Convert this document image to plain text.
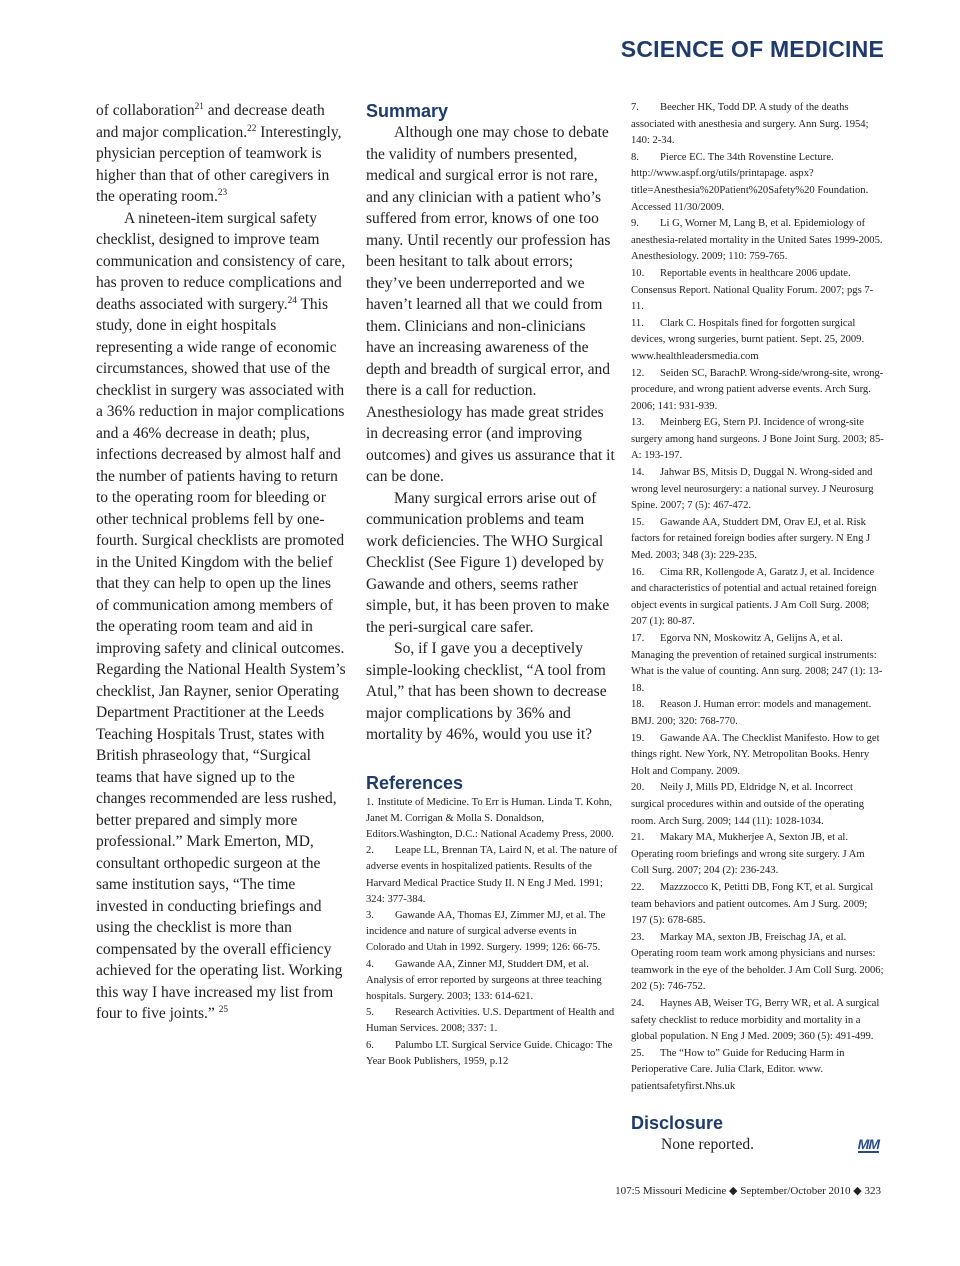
SCIENCE OF MEDICINE

of collaboration$^{21}$ and decrease death and major complication.$^{22}$ Interestingly, physician perception of teamwork is higher than that of other caregivers in the operating room.$^{23}$

A nineteen-item surgical safety checklist, designed to improve team communication and consistency of care, has proven to reduce complications and deaths associated with surgery.$^{24}$ This study, done in eight hospitals representing a wide range of economic circumstances, showed that use of the checklist in surgery was associated with a 36% reduction in major complications and a 46% decrease in death; plus, infections decreased by almost half and the number of patients having to return to the operating room for bleeding or other technical problems fell by one-fourth. Surgical checklists are promoted in the United Kingdom with the belief that they can help to open up the lines of communication among members of the operating room team and aid in improving safety and clinical outcomes. Regarding the National Health System’s checklist, Jan Rayner, senior Operating Department Practitioner at the Leeds Teaching Hospitals Trust, states with British phraseology that, “Surgical teams that have signed up to the changes recommended are less rushed, better prepared and simply more professional.” Mark Emerton, MD, consultant orthopedic surgeon at the same institution says, “The time invested in conducting briefings and using the checklist is more than compensated by the overall efficiency achieved for the operating list. Working this way I have increased my list from four to five joints.” $^{25}$

Summary

Although one may chose to debate the validity of numbers presented, medical and surgical error is not rare, and any clinician with a patient who’s suffered from error, knows of one too many. Until recently our profession has been hesitant to talk about errors; they’ve been underreported and we haven’t learned all that we could from them. Clinicians and non-clinicians have an increasing awareness of the depth and breadth of surgical error, and there is a call for reduction. Anesthesiology has made great strides in decreasing error (and improving outcomes) and gives us assurance that it can be done.

Many surgical errors arise out of communication problems and team work deficiencies. The WHO Surgical Checklist (See Figure 1) developed by Gawande and others, seems rather simple, but, it has been proven to make the peri-surgical care safer.

So, if I gave you a deceptively simple-looking checklist, “A tool from Atul,” that has been shown to decrease major complications by 36% and mortality by 46%, would you use it?

References

1. Institute of Medicine. To Err is Human. Linda T. Kohn, Janet M. Corrigan & Molla S. Donaldson, Editors.Washington, D.C.: National Academy Press, 2000.

2. Leape LL, Brennan TA, Laird N, et al. The nature of adverse events in hospitalized patients. Results of the Harvard Medical Practice Study II. N Eng J Med. 1991; 324: 377-384.

3. Gawande AA, Thomas EJ, Zimmer MJ, et al. The incidence and nature of surgical adverse events in Colorado and Utah in 1992. Surgery. 1999; 126: 66-75.

4. Gawande AA, Zinner MJ, Studdert DM, et al. Analysis of error reported by surgeons at three teaching hospitals. Surgery. 2003; 133: 614-621.

5. Research Activities. U.S. Department of Health and Human Services. 2008; 337: 1.

6. Palumbo LT. Surgical Service Guide. Chicago: The Year Book Publishers, 1959, p.12

7. Beecher HK, Todd DP. A study of the deaths associated with anesthesia and surgery. Ann Surg. 1954; 140: 2-34.

8. Pierce EC. The 34th Rovenstine Lecture. http://www.aspf.org/utils/printapage. aspx?title=Anesthesia%20Patient%20Safety%20 Foundation. Accessed 11/30/2009.

9. Li G, Worner M, Lang B, et al. Epidemiology of anesthesia-related mortality in the United Sates 1999-2005. Anesthesiology. 2009; 110: 759-765.

10. Reportable events in healthcare 2006 update. Consensus Report. National Quality Forum. 2007; pgs 7-11.

11. Clark C. Hospitals fined for forgotten surgical devices, wrong surgeries, burnt patient. Sept. 25, 2009. www.healthleadersmedia.com

12. Seiden SC, BarachP. Wrong-side/wrong-site, wrong-procedure, and wrong patient adverse events. Arch Surg. 2006; 141: 931-939.

13. Meinberg EG, Stern PJ. Incidence of wrong-site surgery among hand surgeons. J Bone Joint Surg. 2003; 85-A: 193-197.

14. Jahwar BS, Mitsis D, Duggal N. Wrong-sided and wrong level neurosurgery: a national survey. J Neurosurg Spine. 2007; 7 (5): 467-472.

15. Gawande AA, Studdert DM, Orav EJ, et al. Risk factors for retained foreign bodies after surgery. N Eng J Med. 2003; 348 (3): 229-235.

16. Cima RR, Kollengode A, Garatz J, et al. Incidence and characteristics of potential and actual retained foreign object events in surgical patients. J Am Coll Surg. 2008; 207 (1): 80-87.

17. Egorva NN, Moskowitz A, Gelijns A, et al. Managing the prevention of retained surgical instruments: What is the value of counting. Ann surg. 2008; 247 (1): 13-18.

18. Reason J. Human error: models and management. BMJ. 200; 320: 768-770.

19. Gawande AA. The Checklist Manifesto. How to get things right. New York, NY. Metropolitan Books. Henry Holt and Company. 2009.

20. Neily J, Mills PD, Eldridge N, et al. Incorrect surgical procedures within and outside of the operating room. Arch Surg. 2009; 144 (11): 1028-1034.

21. Makary MA, Mukherjee A, Sexton JB, et al. Operating room briefings and wrong site surgery. J Am Coll Surg. 2007; 204 (2): 236-243.

22. Mazzzocco K, Petitti DB, Fong KT, et al. Surgical team behaviors and patient outcomes. Am J Surg. 2009; 197 (5): 678-685.

23. Markay MA, sexton JB, Freischag JA, et al. Operating room team work among physicians and nurses: teamwork in the eye of the beholder. J Am Coll Surg. 2006; 202 (5): 746-752.

24. Haynes AB, Weiser TG, Berry WR, et al. A surgical safety checklist to reduce morbidity and mortality in a global population. N Eng J Med. 2009; 360 (5): 491-499.

25. The “How to” Guide for Reducing Harm in Perioperative Care. Julia Clark, Editor. www. patientsafetyfirst.Nhs.uk

Disclosure
None reported.	MM
107:5 Missouri Medicine ◆ September/October 2010 ◆ 323
